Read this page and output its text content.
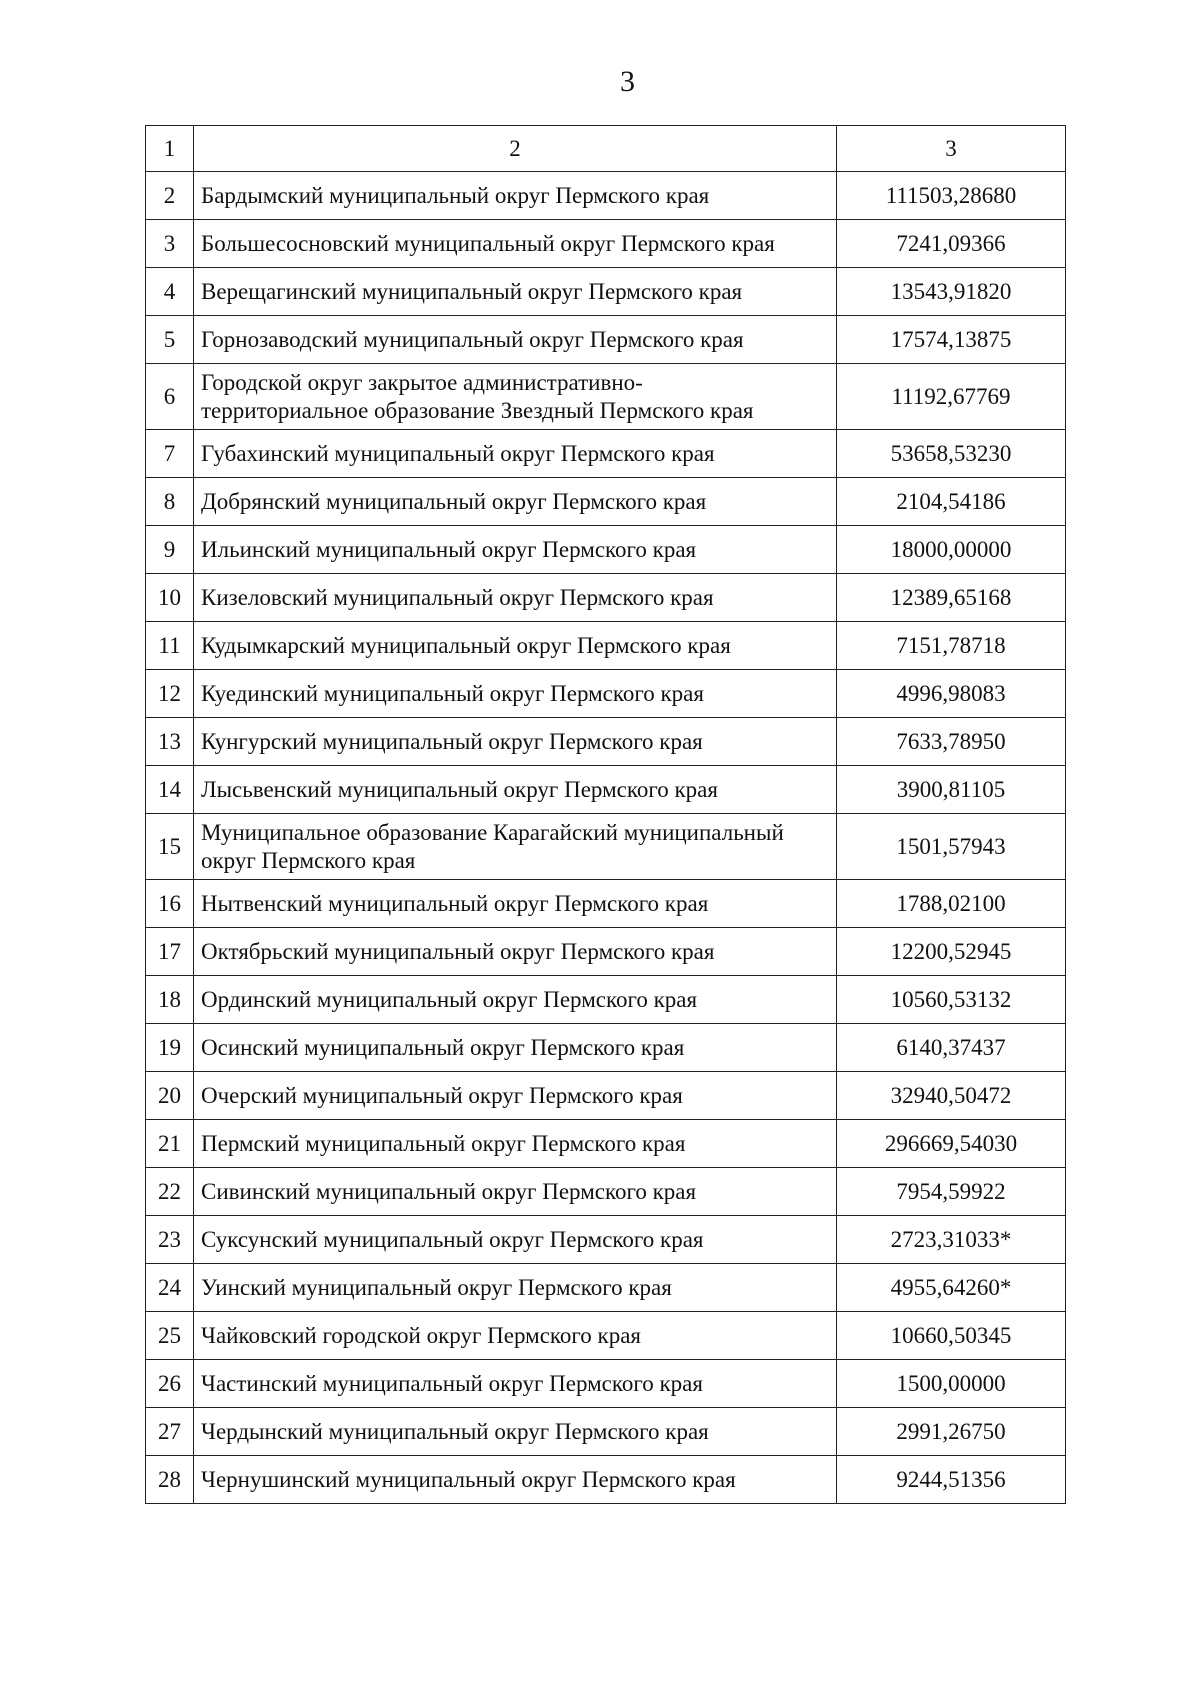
3
1	2	3
2	Бардымский муниципальный округ Пермского края	111503,28680
3	Большесосновский муниципальный округ Пермского края	7241,09366
4	Верещагинский муниципальный округ Пермского края	13543,91820
5	Горнозаводский муниципальный округ Пермского края	17574,13875
6	Городской округ закрытое административно-
территориальное образование Звездный Пермского края	11192,67769
7	Губахинский муниципальный округ Пермского края	53658,53230
8	Добрянский муниципальный округ Пермского края	2104,54186
9	Ильинский муниципальный округ Пермского края	18000,00000
10	Кизеловский муниципальный округ Пермского края	12389,65168
11	Кудымкарский муниципальный округ Пермского края	7151,78718
12	Куединский муниципальный округ Пермского края	4996,98083
13	Кунгурский муниципальный округ Пермского края	7633,78950
14	Лысьвенский муниципальный округ Пермского края	3900,81105
15	Муниципальное образование Карагайский муниципальный
округ Пермского края	1501,57943
16	Нытвенский муниципальный округ Пермского края	1788,02100
17	Октябрьский муниципальный округ Пермского края	12200,52945
18	Ординский муниципальный округ Пермского края	10560,53132
19	Осинский муниципальный округ Пермского края	6140,37437
20	Очерский муниципальный округ Пермского края	32940,50472
21	Пермский муниципальный округ Пермского края	296669,54030
22	Сивинский муниципальный округ Пермского края	7954,59922
23	Суксунский муниципальный округ Пермского края	2723,31033*
24	Уинский муниципальный округ Пермского края	4955,64260*
25	Чайковский городской округ Пермского края	10660,50345
26	Частинский муниципальный округ Пермского края	1500,00000
27	Чердынский муниципальный округ Пермского края	2991,26750
28	Чернушинский муниципальный округ Пермского края	9244,51356
